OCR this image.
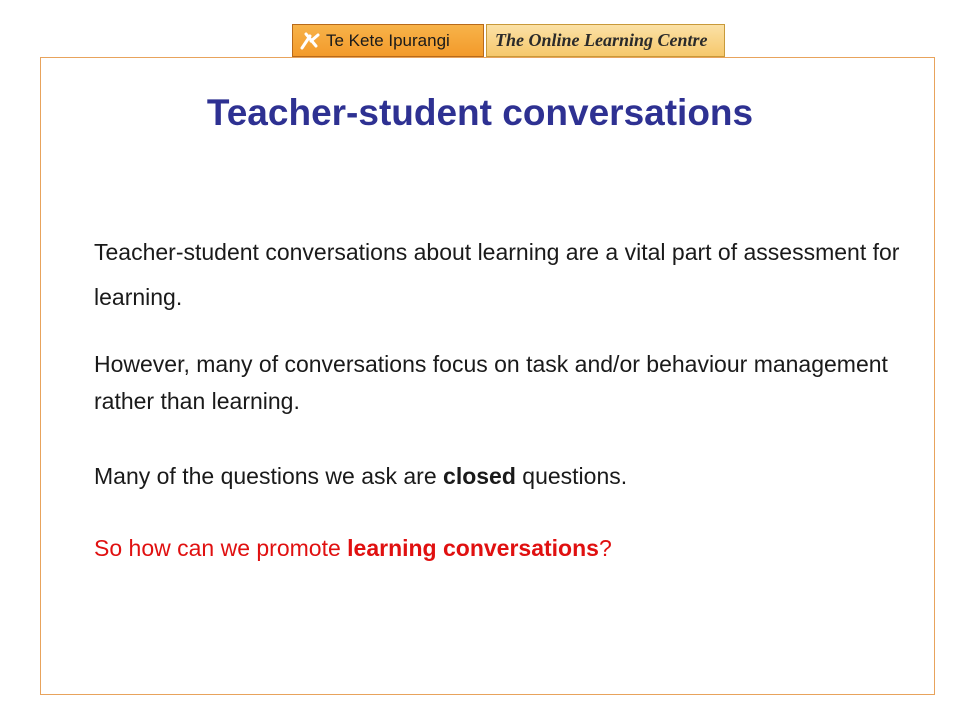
Te Kete Ipurangi	The Online Learning Centre
Teacher-student conversations

Teacher-student conversations about learning are a vital part of assessment for learning.

However, many of conversations focus on task and/or behaviour management rather than learning.

Many of the questions we ask are closed questions.

So how can we promote learning conversations?
